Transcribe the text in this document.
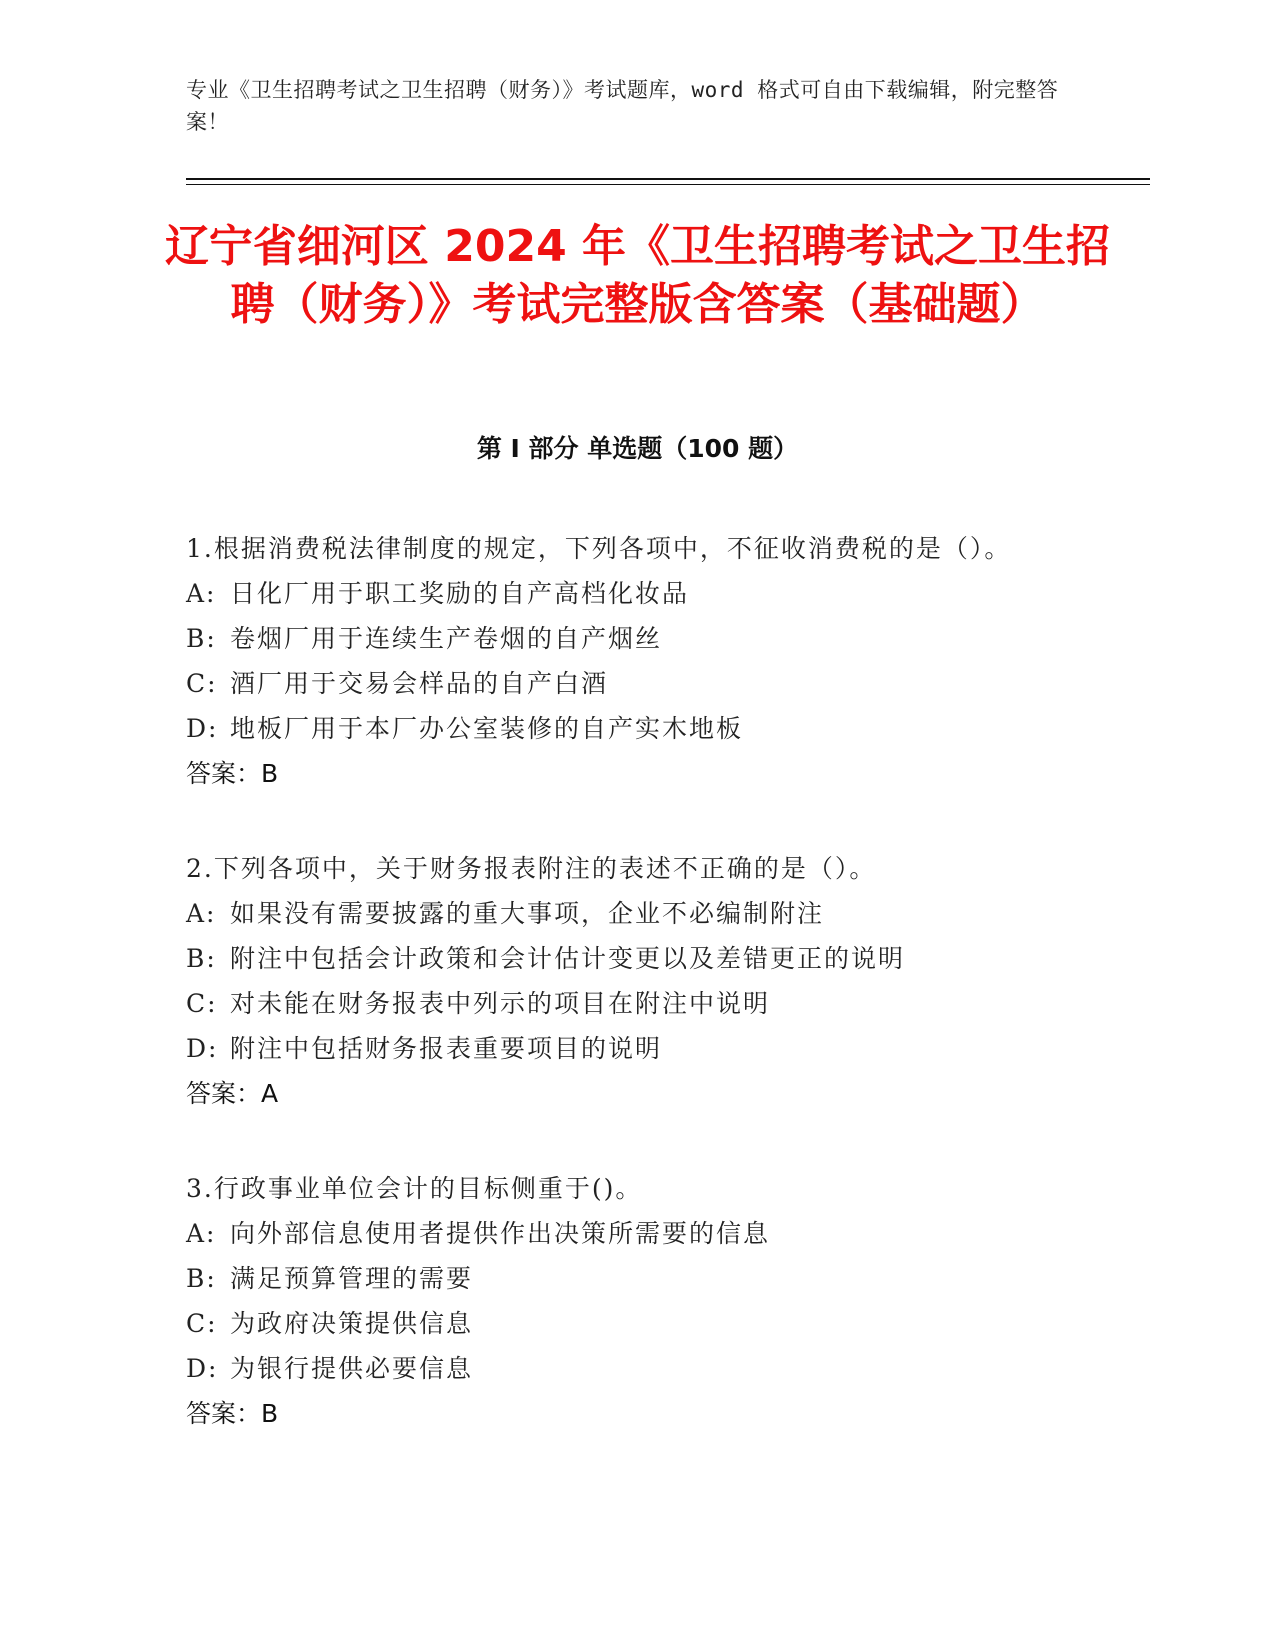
专业《卫生招聘考试之卫生招聘（财务）》考试题库，word 格式可自由下载编辑，附完整答案！
辽宁省细河区 2024 年《卫生招聘考试之卫生招聘（财务）》考试完整版含答案（基础题）
第 I 部分 单选题（100 题）
1.根据消费税法律制度的规定，下列各项中，不征收消费税的是（）。
A: 日化厂用于职工奖励的自产高档化妆品
B: 卷烟厂用于连续生产卷烟的自产烟丝
C: 酒厂用于交易会样品的自产白酒
D: 地板厂用于本厂办公室装修的自产实木地板
答案：B
2.下列各项中，关于财务报表附注的表述不正确的是（）。
A: 如果没有需要披露的重大事项，企业不必编制附注
B: 附注中包括会计政策和会计估计变更以及差错更正的说明
C: 对未能在财务报表中列示的项目在附注中说明
D: 附注中包括财务报表重要项目的说明
答案：A
3.行政事业单位会计的目标侧重于()。
A: 向外部信息使用者提供作出决策所需要的信息
B: 满足预算管理的需要
C: 为政府决策提供信息
D: 为银行提供必要信息
答案：B
